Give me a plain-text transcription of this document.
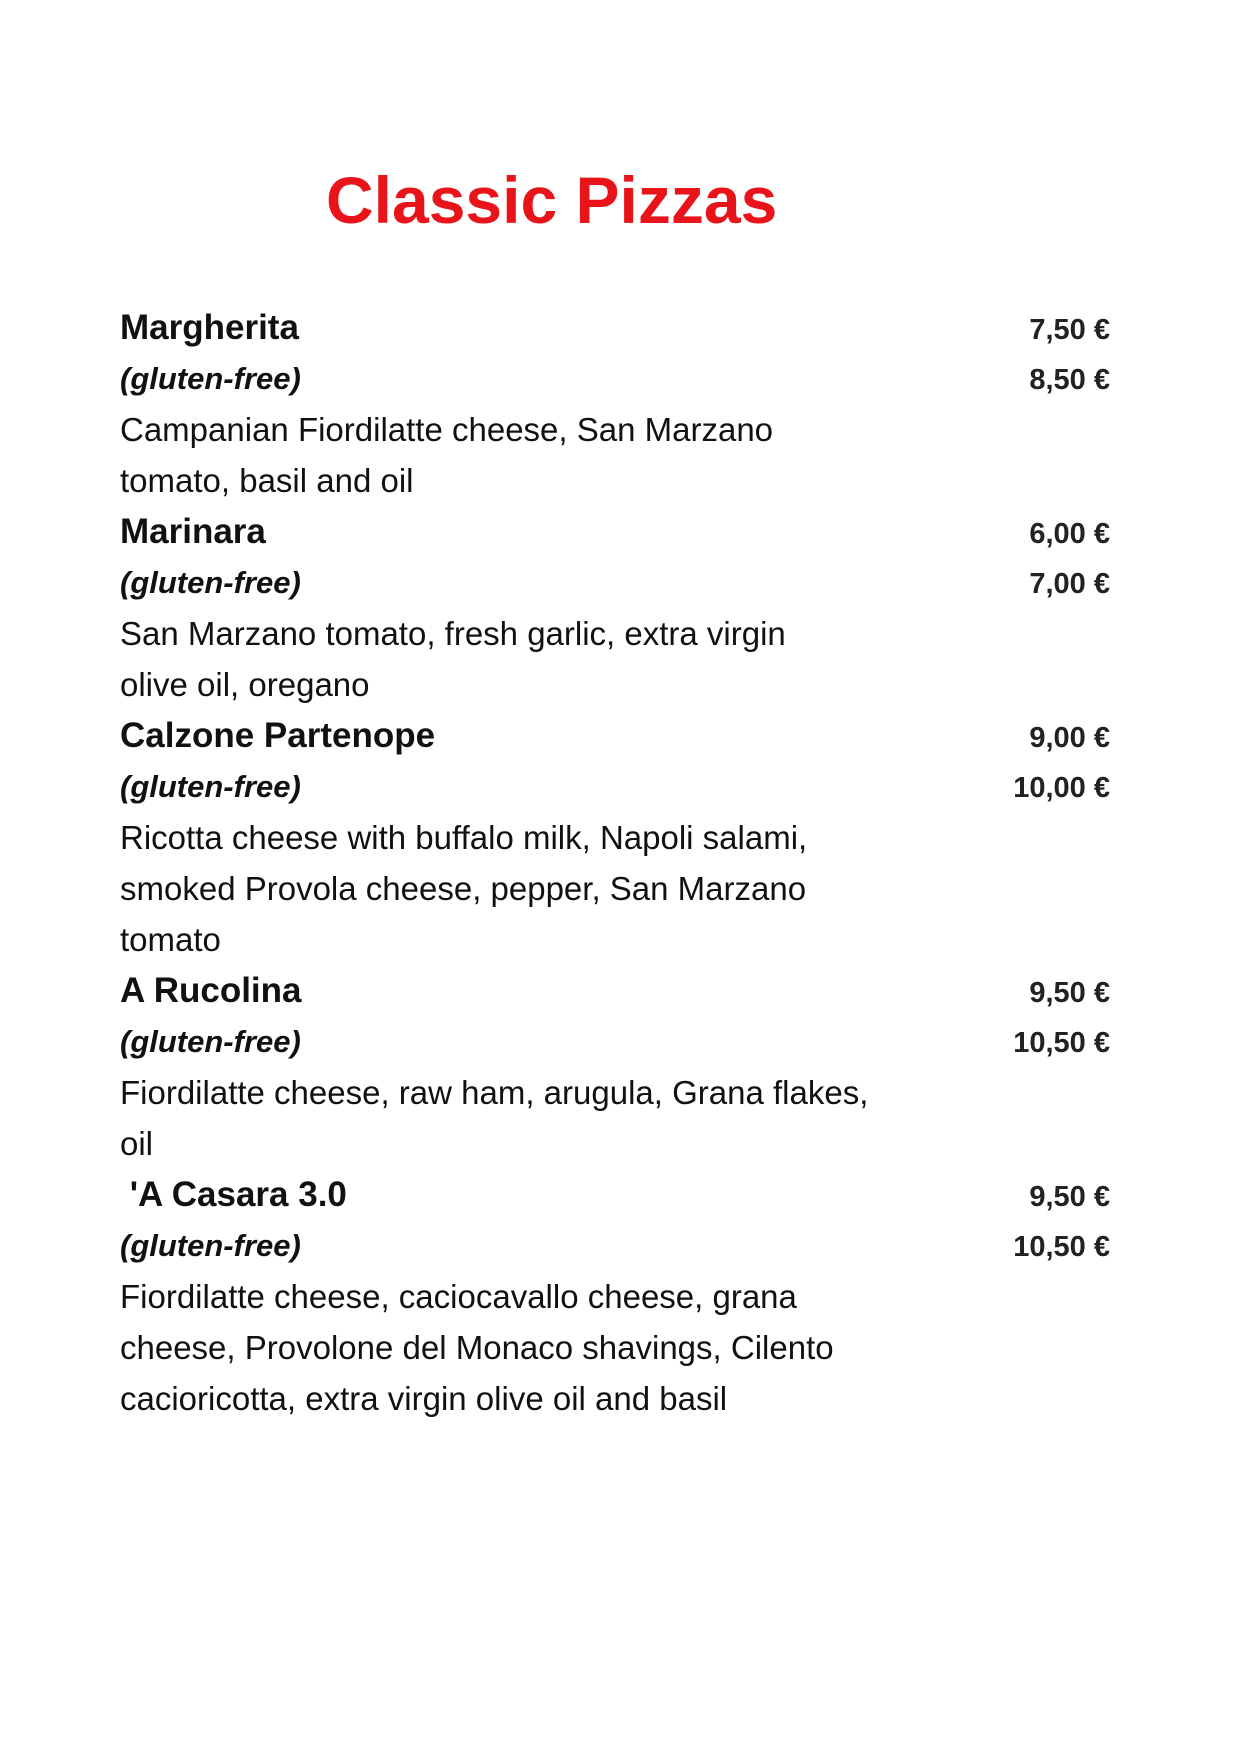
Classic Pizzas
Margherita	7,50 €
(gluten-free)	8,50 €
Campanian Fiordilatte cheese, San Marzano
tomato, basil and oil
Marinara	6,00 €
(gluten-free)	7,00 €
San Marzano tomato, fresh garlic, extra virgin
olive oil, oregano
Calzone Partenope	9,00 €
(gluten-free)	10,00 €
Ricotta cheese with buffalo milk, Napoli salami,
smoked Provola cheese, pepper, San Marzano
tomato
A Rucolina	9,50 €
(gluten-free)	10,50 €
Fiordilatte cheese, raw ham, arugula, Grana flakes,
oil
'A Casara 3.0	9,50 €
(gluten-free)	10,50 €
Fiordilatte cheese, caciocavallo cheese, grana
cheese, Provolone del Monaco shavings, Cilento
cacioricotta, extra virgin olive oil and basil
